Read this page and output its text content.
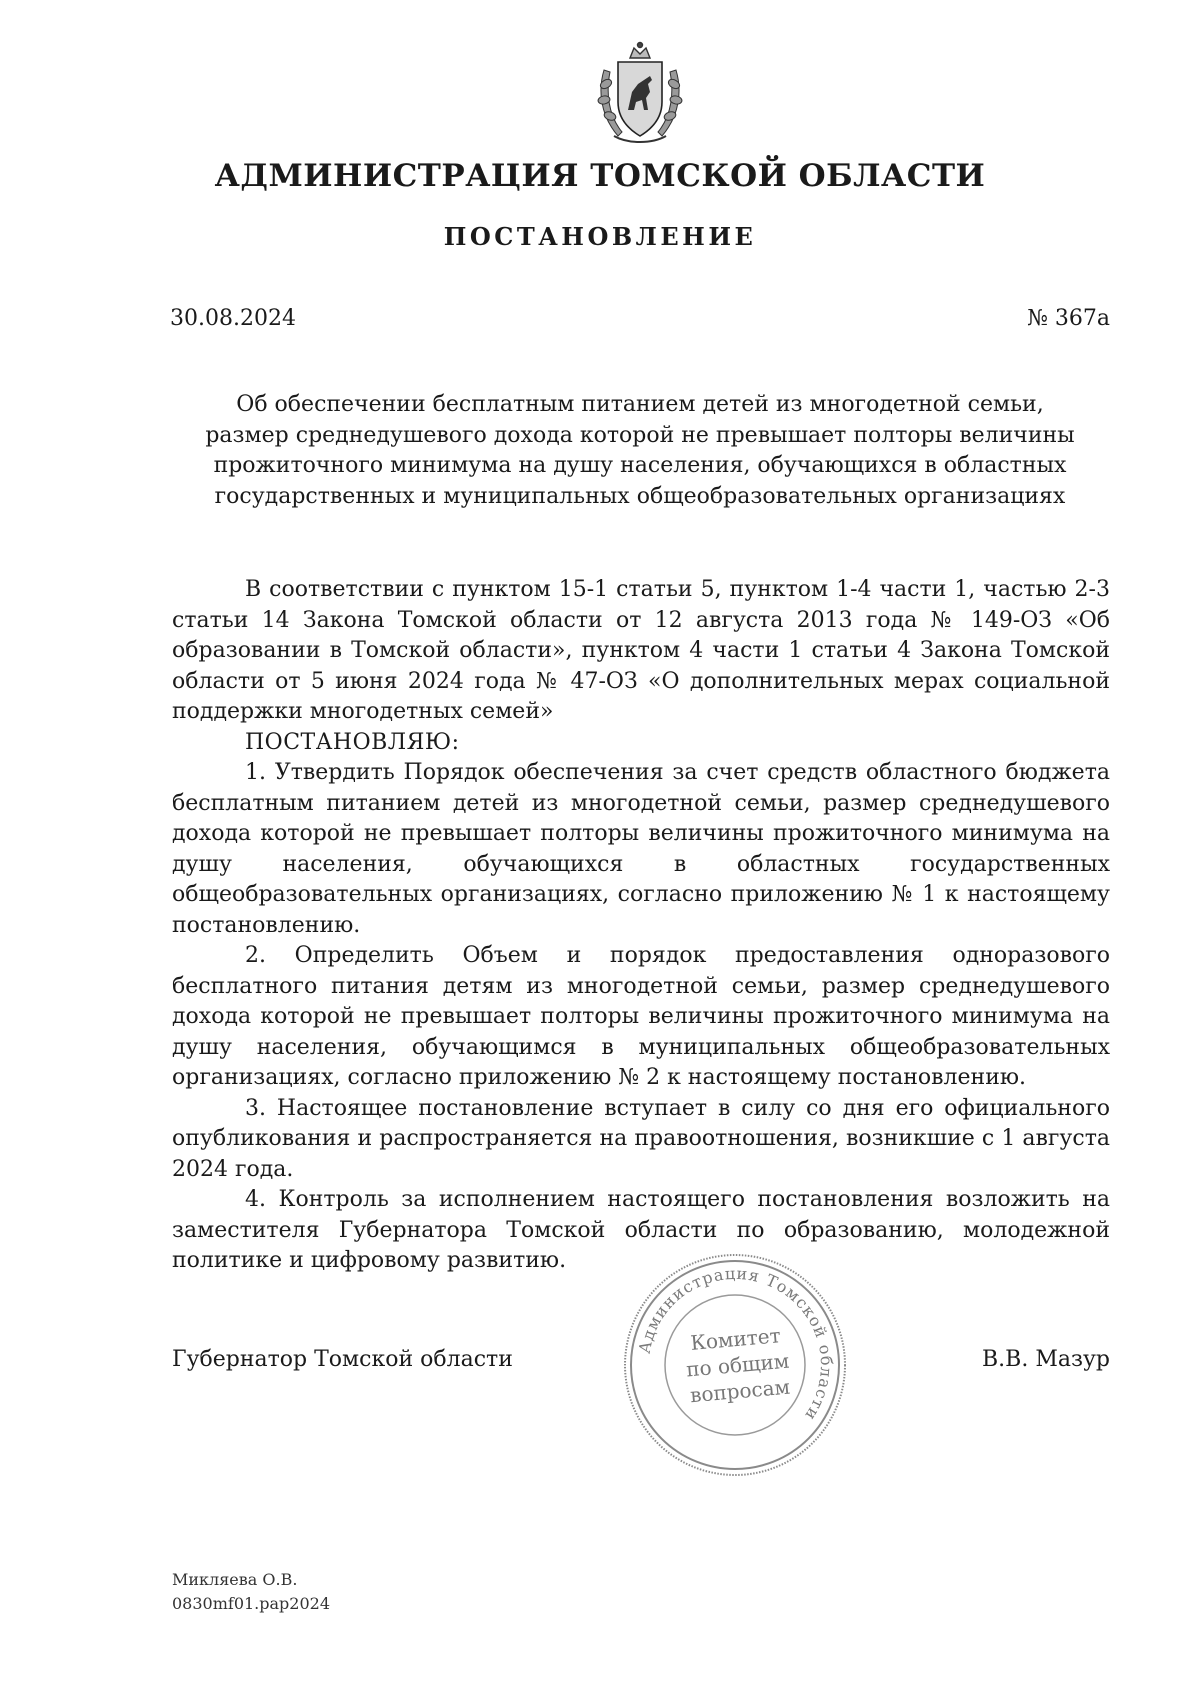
АДМИНИСТРАЦИЯ ТОМСКОЙ ОБЛАСТИ
ПОСТАНОВЛЕНИЕ
30.08.2024	№ 367а
Об обеспечении бесплатным питанием детей из многодетной семьи,
размер среднедушевого дохода которой не превышает полторы величины
прожиточного минимума на душу населения, обучающихся в областных
государственных и муниципальных общеобразовательных организациях

В соответствии с пунктом 15-1 статьи 5, пунктом 1-4 части 1, частью 2-3 статьи 14 Закона Томской области от 12 августа 2013 года № 149-ОЗ «Об образовании в Томской области», пунктом 4 части 1 статьи 4 Закона Томской области от 5 июня 2024 года № 47-ОЗ «О дополнительных мерах социальной поддержки многодетных семей»

ПОСТАНОВЛЯЮ:

1. Утвердить Порядок обеспечения за счет средств областного бюджета бесплатным питанием детей из многодетной семьи, размер среднедушевого дохода которой не превышает полторы величины прожиточного минимума на душу населения, обучающихся в областных государственных общеобразовательных организациях, согласно приложению № 1 к настоящему постановлению.

2. Определить Объем и порядок предоставления одноразового бесплатного питания детям из многодетной семьи, размер среднедушевого дохода которой не превышает полторы величины прожиточного минимума на душу населения, обучающимся в муниципальных общеобразовательных организациях, согласно приложению № 2 к настоящему постановлению.

3. Настоящее постановление вступает в силу со дня его официального опубликования и распространяется на правоотношения, возникшие с 1 августа 2024 года.

4. Контроль за исполнением настоящего постановления возложить на заместителя Губернатора Томской области по образованию, молодежной политике и цифровому развитию.

Губернатор Томской области	В.В. Мазур
Администрация Томской области
Комитет
по общим
вопросам
Микляева О.В.
0830mf01.pap2024
